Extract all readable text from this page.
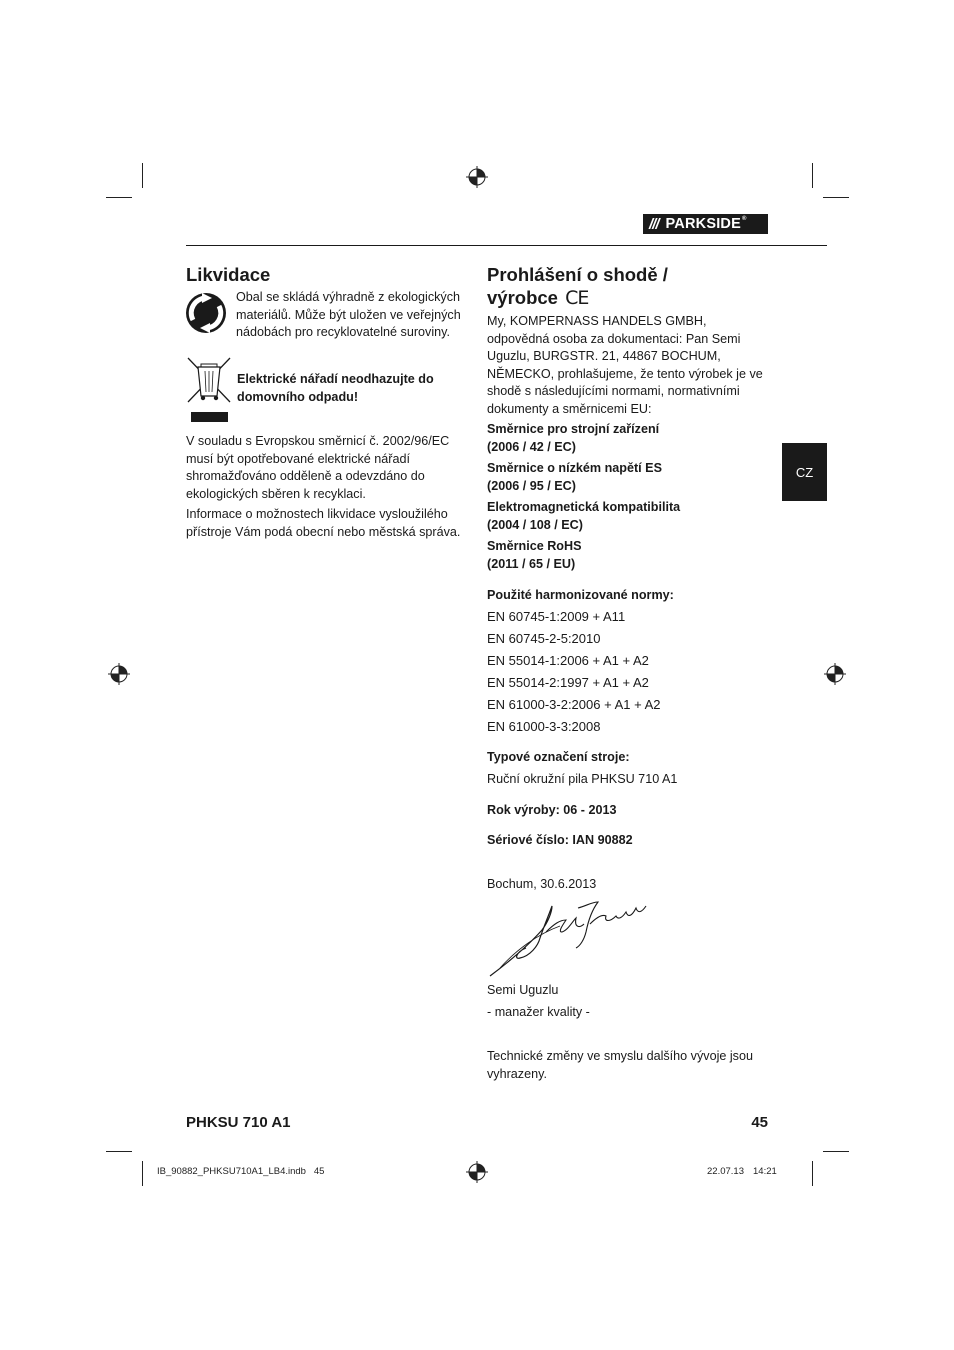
/// PARKSIDE ®
CZ
Likvidace

Obal se skládá výhradně z ekologických materiálů. Může být uložen ve veřejných nádobách pro recyklovatelné suroviny.

Elektrické nářadí neodhazujte do domovního odpadu!

V souladu s Evropskou směrnicí č. 2002/96/EC musí být opotřebované elektrické nářadí shromažďováno odděleně a odevzdáno do ekologických sběren k recyklaci.

Informace o možnostech likvidace vysloužilého přístroje Vám podá obecní nebo městská správa.

Prohlášení o shodě /
výrobce CE

My, KOMPERNASS HANDELS GMBH, odpovědná osoba za dokumentaci: Pan Semi Uguzlu, BURGSTR. 21, 44867 BOCHUM, NĚMECKO, prohlašujeme, že tento výrobek je ve shodě s následujícími normami, normativními dokumenty a směrnicemi EU:

Směrnice pro strojní zařízení
(2006 / 42 / EC)
Směrnice o nízkém napětí ES
(2006 / 95 / EC)
Elektromagnetická kompatibilita
(2004 / 108 / EC)
Směrnice RoHS
(2011 / 65 / EU)

Použité harmonizované normy:

EN 60745-1:2009 + A11
EN 60745-2-5:2010
EN 55014-1:2006 + A1 + A2
EN 55014-2:1997 + A1 + A2
EN 61000-3-2:2006 + A1 + A2
EN 61000-3-3:2008

Typové označení stroje:

Ruční okružní pila PHKSU 710 A1

Rok výroby: 06 - 2013

Sériové číslo: IAN 90882

Bochum, 30.6.2013

Semi Uguzlu

- manažer kvality -

Technické změny ve smyslu dalšího vývoje jsou vyhrazeny.

PHKSU 710 A1	45
IB_90882_PHKSU710A1_LB4.indb   45	22.07.13 14:21
